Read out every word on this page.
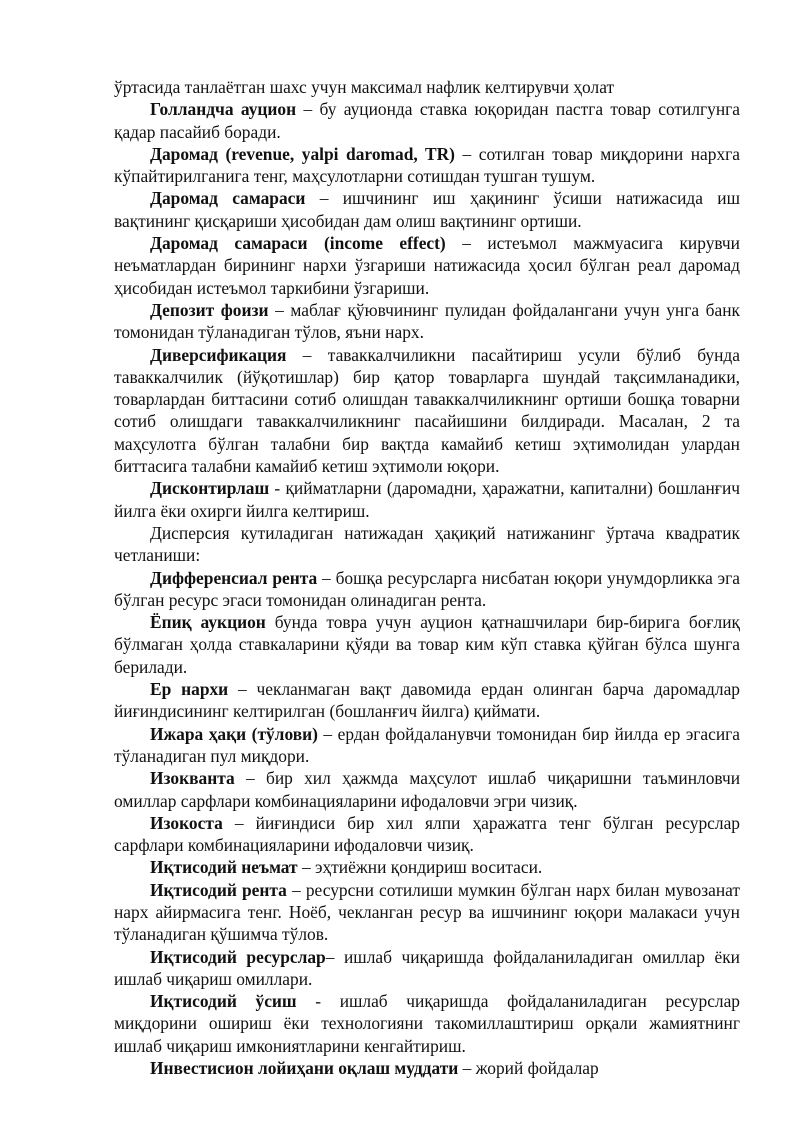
ўртасида танлаётган шахс учун максимал нафлик келтирувчи ҳолат

Голландча ауцион – бу ауционда ставка юқоридан пастга товар сотилгунга қадар пасайиб боради.

Даромад (revenue, yalpi daromad, TR) – сотилган товар миқдорини нархга кўпайтирилганига тенг, маҳсулотларни сотишдан тушган тушум.

Даромад самараси – ишчининг иш ҳақининг ўсиши натижасида иш вақтининг қисқариши ҳисобидан дам олиш вақтининг ортиши.

Даромад самараси (income effect) – истеъмол мажмуасига кирувчи неъматлардан бирининг нархи ўзгариши натижасида ҳосил бўлган реал даромад ҳисобидан истеъмол таркибини ўзгариши.

Депозит фоизи – маблағ қўювчининг пулидан фойдалангани учун унга банк томонидан тўланадиган тўлов, яъни нарх.

Диверсификация – таваккалчиликни пасайтириш усули бўлиб бунда таваккалчилик (йўқотишлар) бир қатор товарларга шундай тақсимланадики, товарлардан биттасини сотиб олишдан таваккалчиликнинг ортиши бошқа товарни сотиб олишдаги таваккалчиликнинг пасайишини билдиради. Масалан, 2 та маҳсулотга бўлган талабни бир вақтда камайиб кетиш эҳтимолидан улардан биттасига талабни камайиб кетиш эҳтимоли юқори.

Дисконтирлаш - қийматларни (даромадни, ҳаражатни, капитални) бошланғич йилга ёки охирги йилга келтириш.

Дисперсия кутиладиган натижадан ҳақиқий натижанинг ўртача квадратик четланиши:

Дифференсиал рента – бошқа ресурсларга нисбатан юқори унумдорликка эга бўлган ресурс эгаси томонидан олинадиган рента.

Ёпиқ аукцион бунда товра учун ауцион қатнашчилари бир-бирига боғлиқ бўлмаган ҳолда ставкаларини қўяди ва товар ким кўп ставка қўйган бўлса шунга берилади.

Ер нархи – чекланмаган вақт давомида ердан олинган барча даромадлар йиғиндисининг келтирилган (бошланғич йилга) қиймати.

Ижара ҳақи (тўлови) – ердан фойдаланувчи томонидан бир йилда ер эгасига тўланадиган пул миқдори.

Изокванта – бир хил ҳажмда маҳсулот ишлаб чиқаришни таъминловчи омиллар сарфлари комбинацияларини ифодаловчи эгри чизиқ.

Изокоста – йиғиндиси бир хил ялпи ҳаражатга тенг бўлган ресурслар сарфлари комбинацияларини ифодаловчи чизиқ.

Иқтисодий неъмат – эҳтиёжни қондириш воситаси.

Иқтисодий рента – ресурсни сотилиши мумкин бўлган нарх билан мувозанат нарх айирмасига тенг. Ноёб, чекланган ресур ва ишчининг юқори малакаси учун тўланадиган қўшимча тўлов.

Иқтисодий ресурслар– ишлаб чиқаришда фойдаланиладиган омиллар ёки ишлаб чиқариш омиллари.

Иқтисодий ўсиш - ишлаб чиқаришда фойдаланиладиган ресурслар миқдорини ошириш ёки технологияни такомиллаштириш орқали жамиятнинг ишлаб чиқариш имкониятларини кенгайтириш.

Инвестисион лойиҳани оқлаш муддати – жорий фойдалар
